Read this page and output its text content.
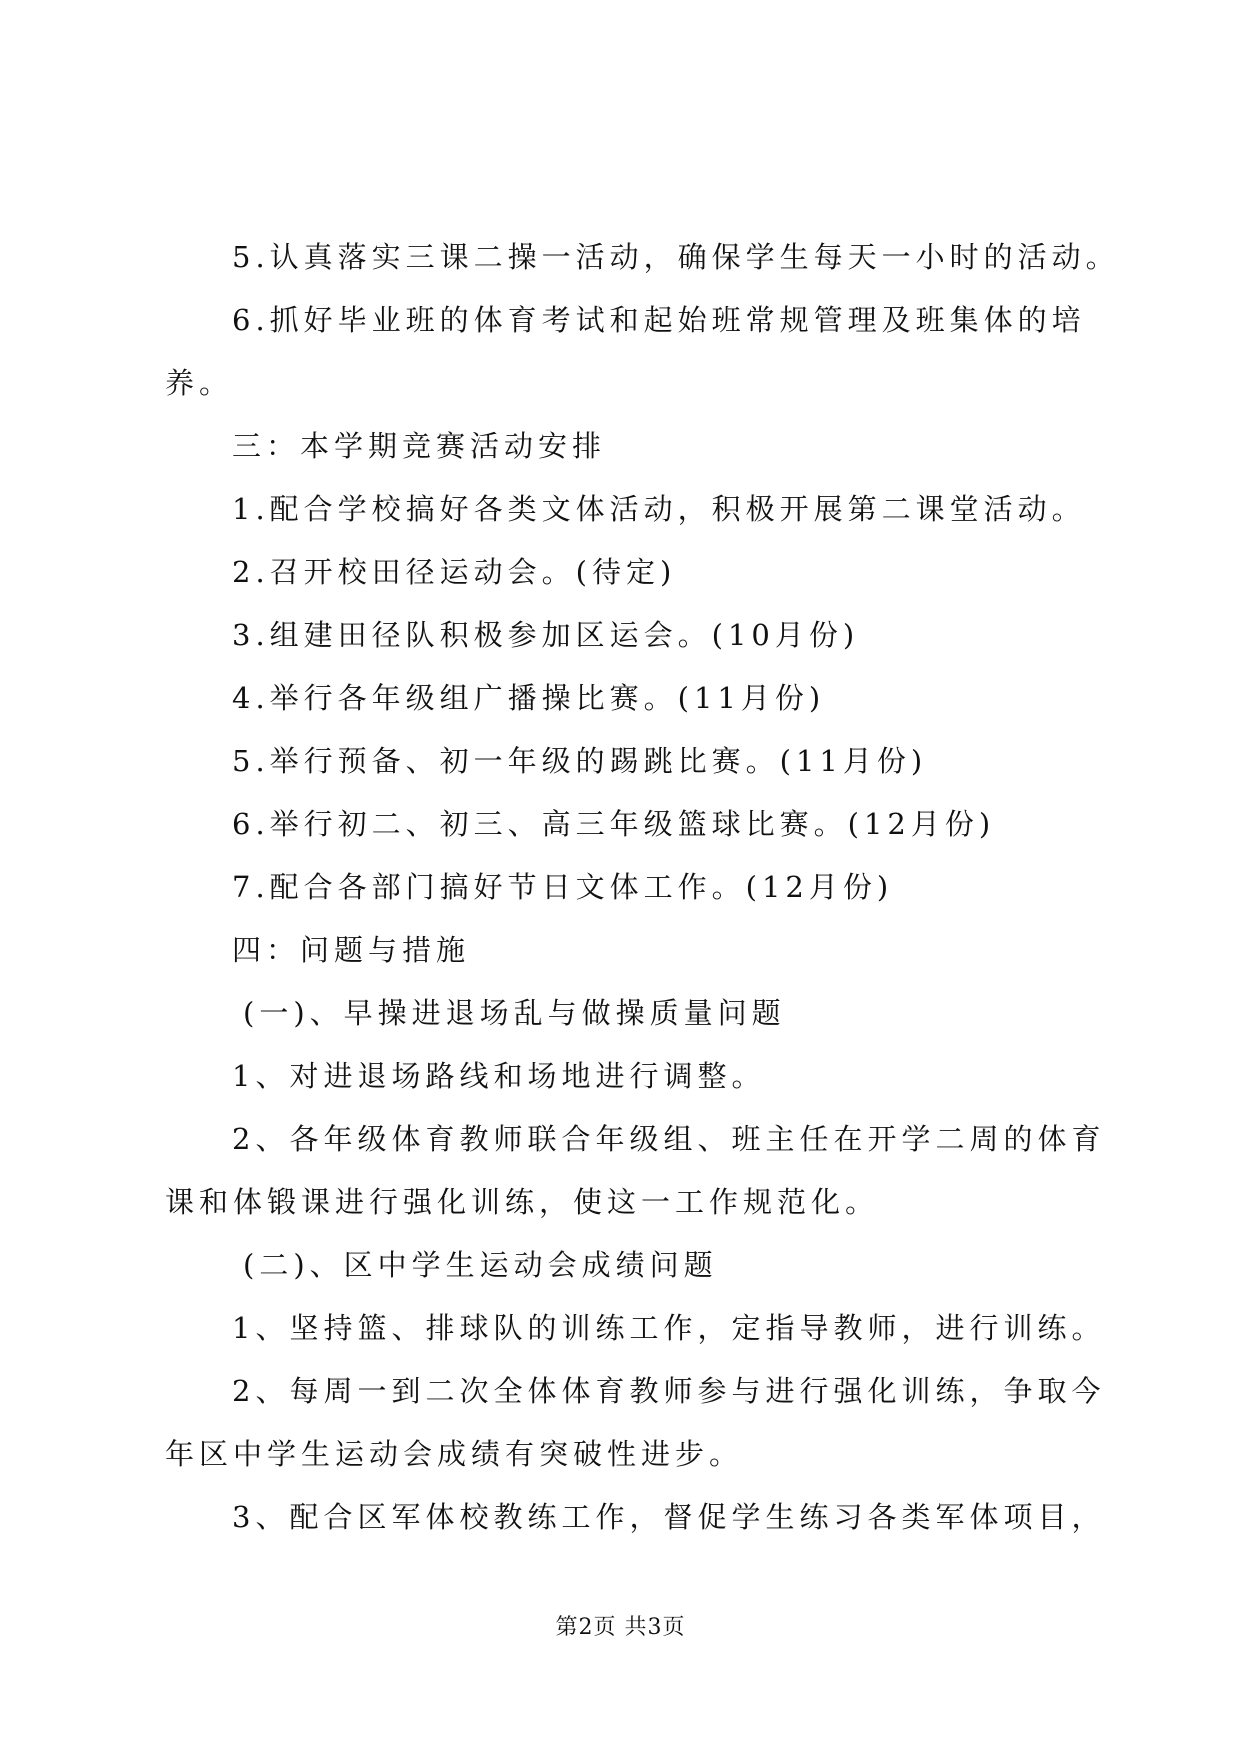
5.认真落实三课二操一活动，确保学生每天一小时的活动。

6.抓好毕业班的体育考试和起始班常规管理及班集体的培

养。

三：本学期竞赛活动安排

1.配合学校搞好各类文体活动，积极开展第二课堂活动。

2.召开校田径运动会。(待定)

3.组建田径队积极参加区运会。(10月份)

4.举行各年级组广播操比赛。(11月份)

5.举行预备、初一年级的踢跳比赛。(11月份)

6.举行初二、初三、高三年级篮球比赛。(12月份)

7.配合各部门搞好节日文体工作。(12月份)

四：问题与措施

(一)、早操进退场乱与做操质量问题

1、对进退场路线和场地进行调整。

2、各年级体育教师联合年级组、班主任在开学二周的体育

课和体锻课进行强化训练，使这一工作规范化。

(二)、区中学生运动会成绩问题

1、坚持篮、排球队的训练工作，定指导教师，进行训练。

2、每周一到二次全体体育教师参与进行强化训练，争取今

年区中学生运动会成绩有突破性进步。

3、配合区军体校教练工作，督促学生练习各类军体项目，

第2页 共3页
